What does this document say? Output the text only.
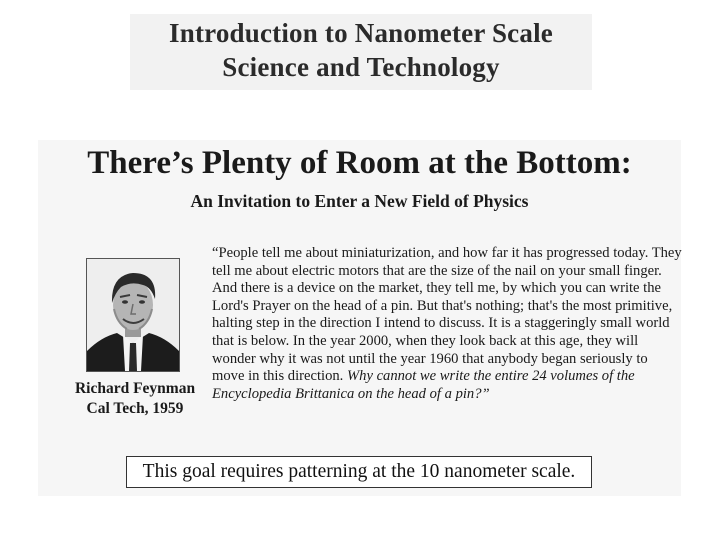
Introduction to Nanometer Scale
Science and Technology
There’s Plenty of Room at the Bottom:
An Invitation to Enter a New Field of Physics
Richard Feynman
Cal Tech, 1959
“People tell me about miniaturization, and how far it has progressed today. They tell me about electric motors that are the size of the nail on your small finger. And there is a device on the market, they tell me, by which you can write the Lord's Prayer on the head of a pin. But that's nothing; that's the most primitive, halting step in the direction I intend to discuss. It is a staggeringly small world that is below. In the year 2000, when they look back at this age, they will wonder why it was not until the year 1960 that anybody began seriously to move in this direction. Why cannot we write the entire 24 volumes of the Encyclopedia Brittanica on the head of a pin?”
This goal requires patterning at the 10 nanometer scale.
